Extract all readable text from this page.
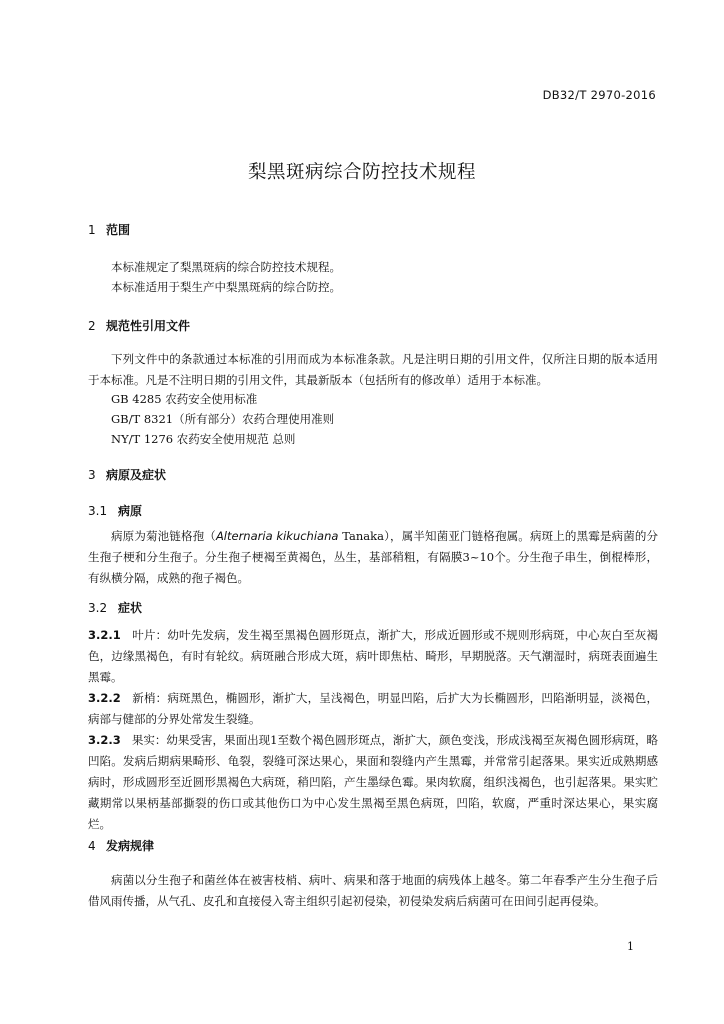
DB32/T 2970-2016
梨黑斑病综合防控技术规程
1 范围
本标准规定了梨黑斑病的综合防控技术规程。
本标准适用于梨生产中梨黑斑病的综合防控。
2 规范性引用文件
下列文件中的条款通过本标准的引用而成为本标准条款。凡是注明日期的引用文件，仅所注日期的版本适用于本标准。凡是不注明日期的引用文件，其最新版本（包括所有的修改单）适用于本标准。
GB 4285 农药安全使用标准
GB/T 8321（所有部分）农药合理使用准则
NY/T 1276 农药安全使用规范 总则
3 病原及症状
3.1 病原
病原为菊池链格孢（Alternaria kikuchiana Tanaka），属半知菌亚门链格孢属。病斑上的黑霉是病菌的分生孢子梗和分生孢子。分生孢子梗褐至黄褐色，丛生，基部稍粗，有隔膜3~10个。分生孢子串生，倒棍棒形，有纵横分隔，成熟的孢子褐色。
3.2 症状
3.2.1 叶片：幼叶先发病，发生褐至黑褐色圆形斑点，渐扩大，形成近圆形或不规则形病斑，中心灰白至灰褐色，边缘黑褐色，有时有轮纹。病斑融合形成大斑，病叶即焦枯、畸形，早期脱落。天气潮湿时，病斑表面遍生黑霉。
3.2.2 新梢：病斑黑色，椭圆形，渐扩大，呈浅褐色，明显凹陷，后扩大为长椭圆形，凹陷渐明显，淡褐色，病部与健部的分界处常发生裂缝。
3.2.3 果实：幼果受害，果面出现1至数个褐色圆形斑点，渐扩大，颜色变浅，形成浅褐至灰褐色圆形病斑，略凹陷。发病后期病果畸形、龟裂，裂缝可深达果心，果面和裂缝内产生黑霉，并常常引起落果。果实近成熟期感病时，形成圆形至近圆形黑褐色大病斑，稍凹陷，产生墨绿色霉。果肉软腐，组织浅褐色，也引起落果。果实贮藏期常以果柄基部撕裂的伤口或其他伤口为中心发生黑褐至黑色病斑，凹陷，软腐，严重时深达果心，果实腐烂。
4 发病规律
病菌以分生孢子和菌丝体在被害枝梢、病叶、病果和落于地面的病残体上越冬。第二年春季产生分生孢子后借风雨传播，从气孔、皮孔和直接侵入寄主组织引起初侵染，初侵染发病后病菌可在田间引起再侵染。
1
